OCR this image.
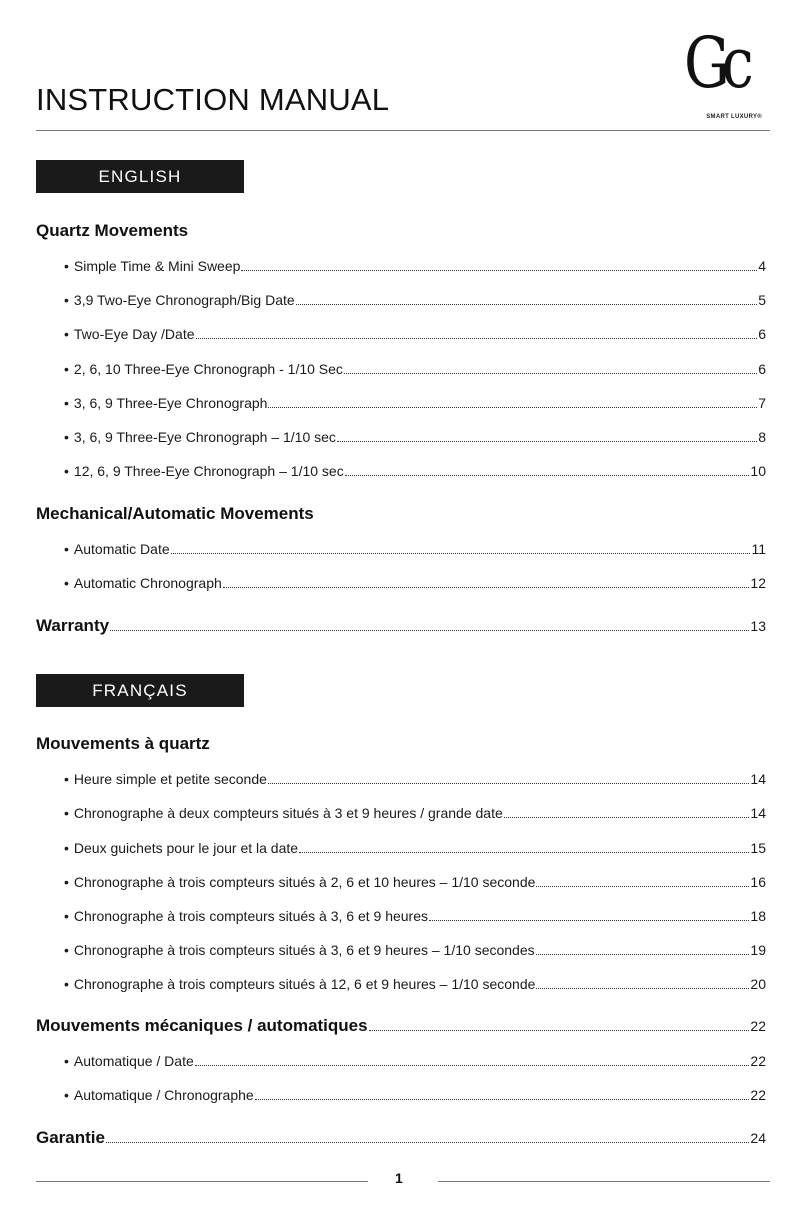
INSTRUCTION MANUAL	Gc
SMART LUXURY®
ENGLISH
Quartz Movements
• Simple Time & Mini Sweep	4
• 3,9 Two-Eye Chronograph/Big Date	5
• Two-Eye Day /Date	6
• 2, 6, 10 Three-Eye Chronograph - 1/10 Sec	6
• 3, 6, 9 Three-Eye Chronograph	7
• 3, 6, 9 Three-Eye Chronograph – 1/10 sec	8
• 12, 6, 9 Three-Eye Chronograph – 1/10 sec	10
Mechanical/Automatic Movements
• Automatic Date	11
• Automatic Chronograph	12
Warranty	13
FRANÇAIS
Mouvements à quartz
• Heure simple et petite seconde	14
• Chronographe à deux compteurs situés à 3 et 9 heures / grande date	14
• Deux guichets pour le jour et la date	15
• Chronographe à trois compteurs situés à 2, 6 et 10 heures – 1/10 seconde	16
• Chronographe à trois compteurs situés à 3, 6 et 9 heures	18
• Chronographe à trois compteurs situés à 3, 6 et 9 heures – 1/10 secondes	19
• Chronographe à trois compteurs situés à 12, 6 et 9 heures – 1/10 seconde	20
Mouvements mécaniques / automatiques	22
• Automatique / Date	22
• Automatique / Chronographe	22
Garantie	24
1
